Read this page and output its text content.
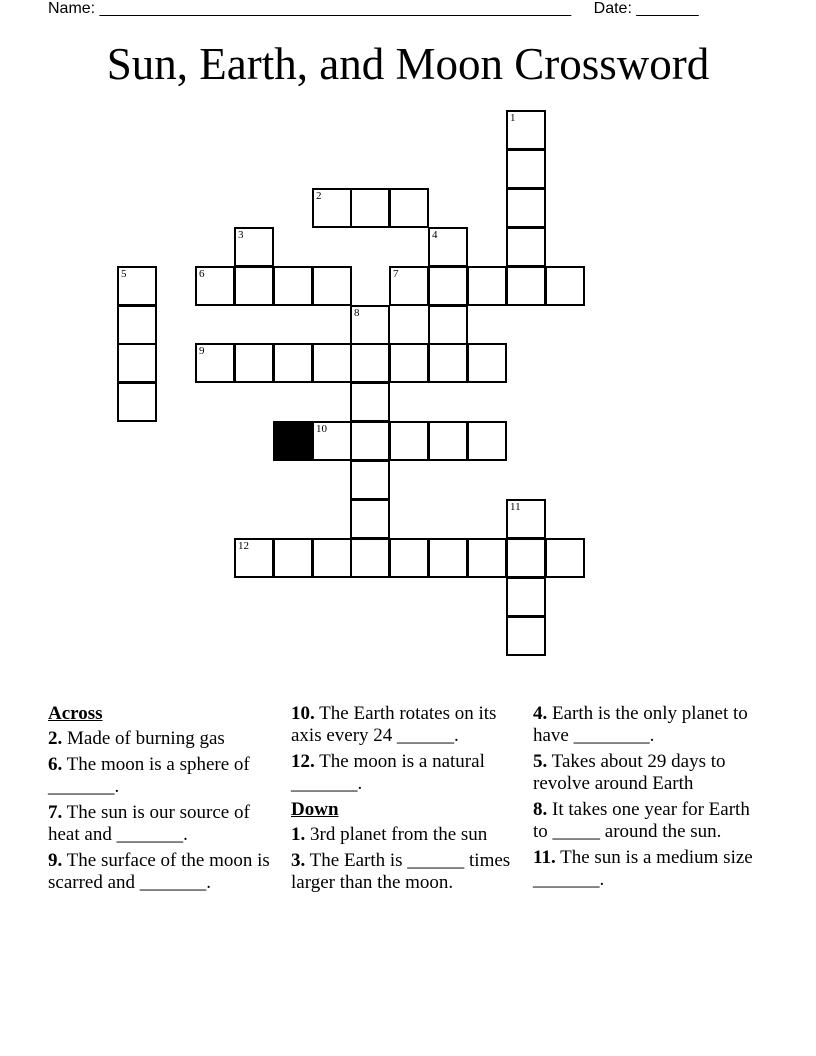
Name: _____________________________________________________ Date: _______
Sun, Earth, and Moon Crossword
1
2
3	4
5	6	7
8
9
10
11
12
Across
2. Made of burning gas
6. The moon is a sphere of _______.
7. The sun is our source of heat and _______.
9. The surface of the moon is scarred and _______.
10. The Earth rotates on its axis every 24 ______.
12. The moon is a natural _______.
Down
1. 3rd planet from the sun
3. The Earth is ______ times larger than the moon.
4. Earth is the only planet to have ________.
5. Takes about 29 days to revolve around Earth
8. It takes one year for Earth to _____ around the sun.
11. The sun is a medium size _______.
